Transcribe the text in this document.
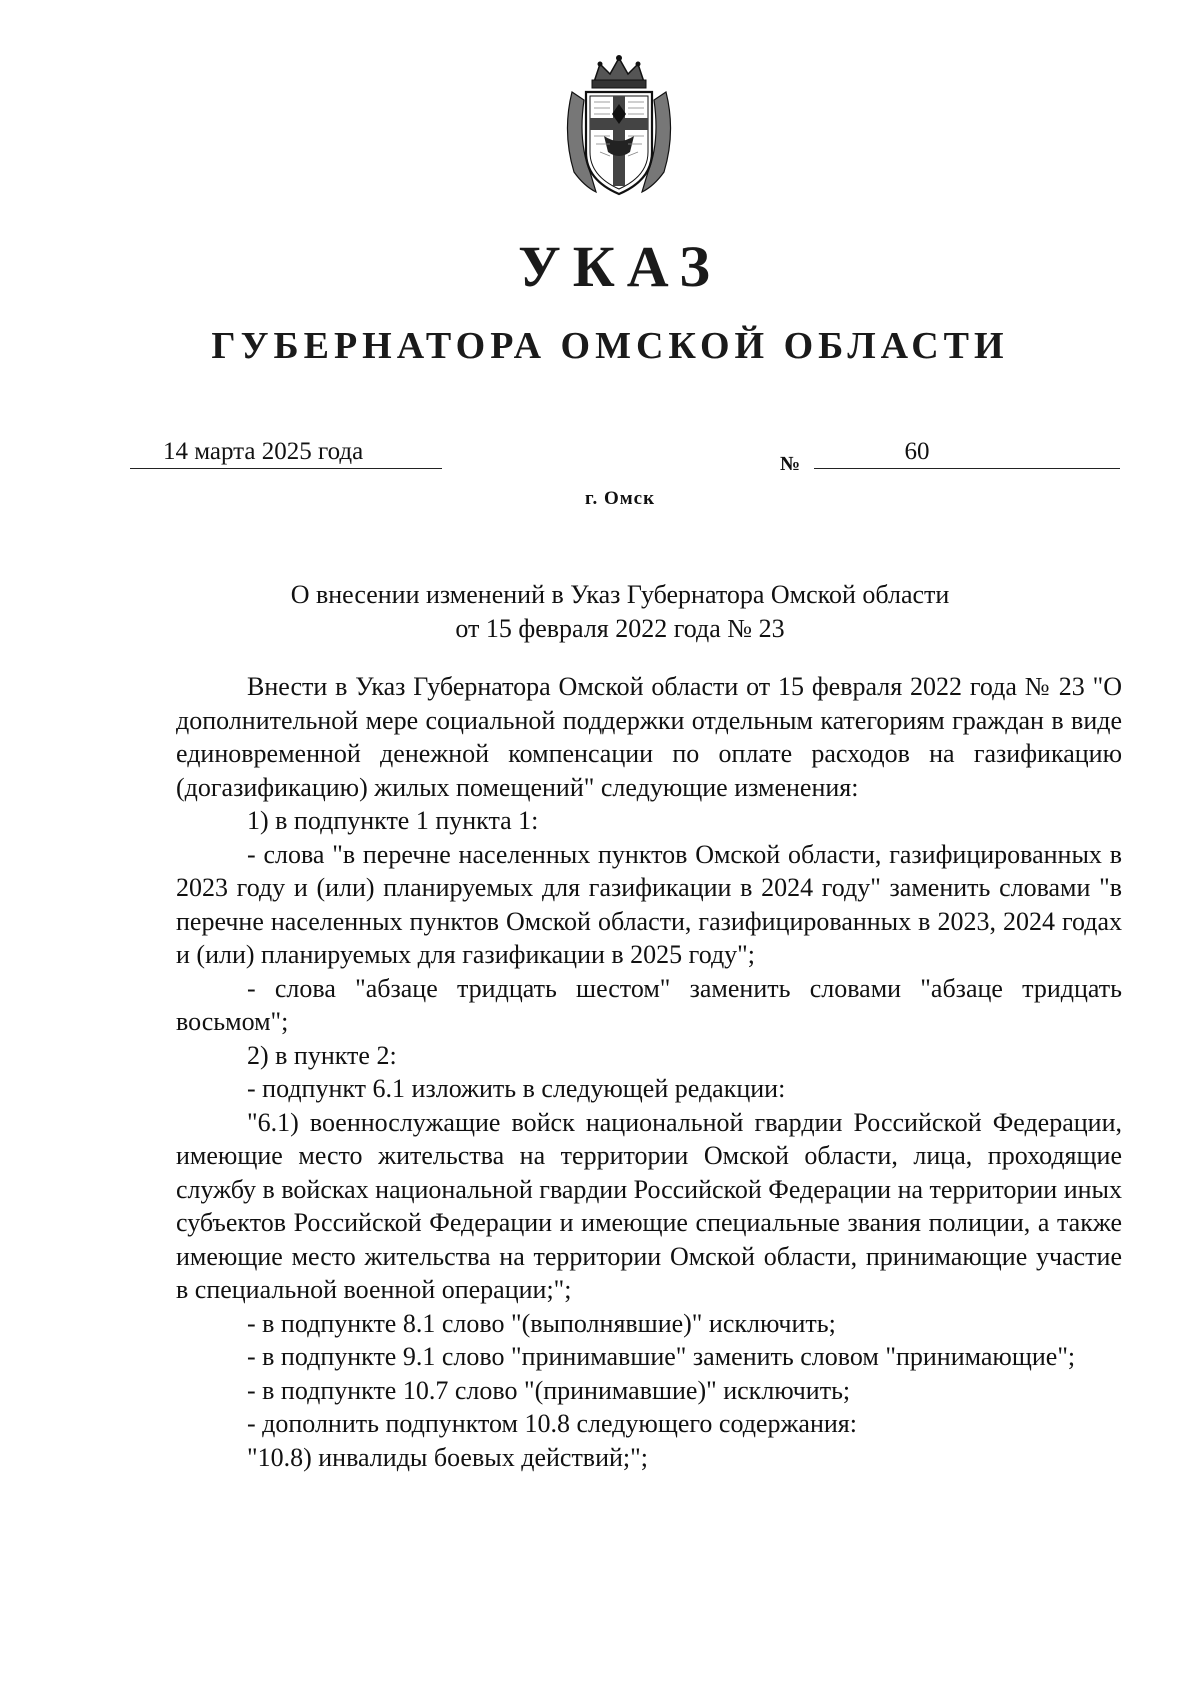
УКАЗ
ГУБЕРНАТОРА ОМСКОЙ ОБЛАСТИ
14 марта 2025 года	№	60
г. Омск
О внесении изменений в Указ Губернатора Омской области
от 15 февраля 2022 года № 23

Внести в Указ Губернатора Омской области от 15 февраля 2022 года № 23 "О дополнительной мере социальной поддержки отдельным категориям граждан в виде единовременной денежной компенсации по оплате расходов на газификацию (догазификацию) жилых помещений" следующие изменения:

1) в подпункте 1 пункта 1:

- слова "в перечне населенных пунктов Омской области, газифицированных в 2023 году и (или) планируемых для газификации в 2024 году" заменить словами "в перечне населенных пунктов Омской области, газифицированных в 2023, 2024 годах и (или) планируемых для газификации в 2025 году";

- слова "абзаце тридцать шестом" заменить словами "абзаце тридцать восьмом";

2) в пункте 2:

- подпункт 6.1 изложить в следующей редакции:

"6.1) военнослужащие войск национальной гвардии Российской Федерации, имеющие место жительства на территории Омской области, лица, проходящие службу в войсках национальной гвардии Российской Федерации на территории иных субъектов Российской Федерации и имеющие специальные звания полиции, а также имеющие место жительства на территории Омской области, принимающие участие в специальной военной операции;";

- в подпункте 8.1 слово "(выполнявшие)" исключить;

- в подпункте 9.1 слово "принимавшие" заменить словом "принимающие";

- в подпункте 10.7 слово "(принимавшие)" исключить;

- дополнить подпунктом 10.8 следующего содержания:

"10.8) инвалиды боевых действий;";
